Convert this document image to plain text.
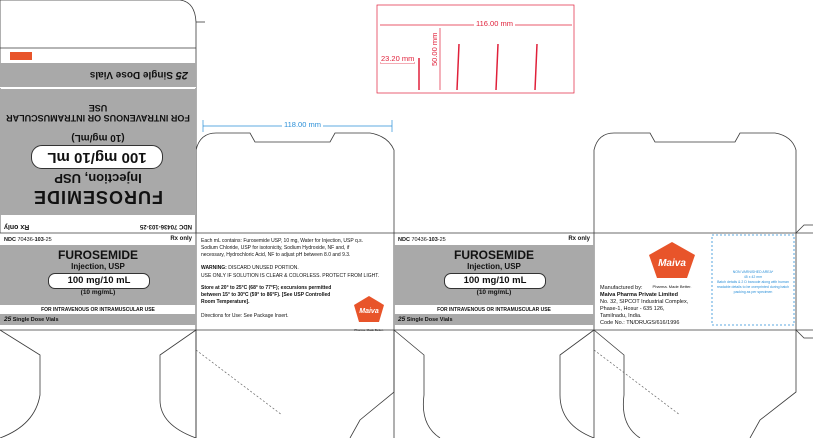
116.00 mm
50.00 mm
23.20 mm
118.00 mm
NDC 70436-103-25
Rx only
FUROSEMIDE
Injection, USP
100 mg/10 mL
(10 mg/mL)
FOR INTRAVENOUS OR INTRAMUSCULAR USE
25 Single Dose Vials
NDC 70436-103-25	Rx only
FUROSEMIDE
Injection, USP
100 mg/10 mL
(10 mg/mL)
FOR INTRAVENOUS OR INTRAMUSCULAR USE
25 Single Dose Vials
Each mL contains: Furosemide USP, 10 mg, Water for Injection, USP q.s. Sodium Chloride, USP for isotonicity, Sodium Hydroxide, NF and, if necessary, Hydrochloric Acid, NF to adjust pH between 8.0 and 9.3.
WARNING: DISCARD UNUSED PORTION.
USE ONLY IF SOLUTION IS CLEAR & COLORLESS. PROTECT FROM LIGHT.
Store at 20° to 25°C (68° to 77°F); excursions permitted between 15° to 30°C (59° to 86°F). [See USP Controlled Room Temperature].
Directions for Use: See Package Insert.
Maiva
Pharma. Made Better.
NDC 70436-103-25	Rx only
FUROSEMIDE
Injection, USP
100 mg/10 mL
(10 mg/mL)
FOR INTRAVENOUS OR INTRAMUSCULAR USE
25 Single Dose Vials
Maiva
Pharma. Made Better.
Manufactured by:
Maiva Pharma Private Limited
No. 32, SIPCOT Industrial Complex,
Phase-1, Hosur - 635 126,
Tamilnadu, India.
Code No.: TN/DRUGS/616/1996
NON VARNISHED AREA*
45 x 42 mm
Batch details & 2 D barcode along with human readable details to be overprinted during batch packing as per specimen
